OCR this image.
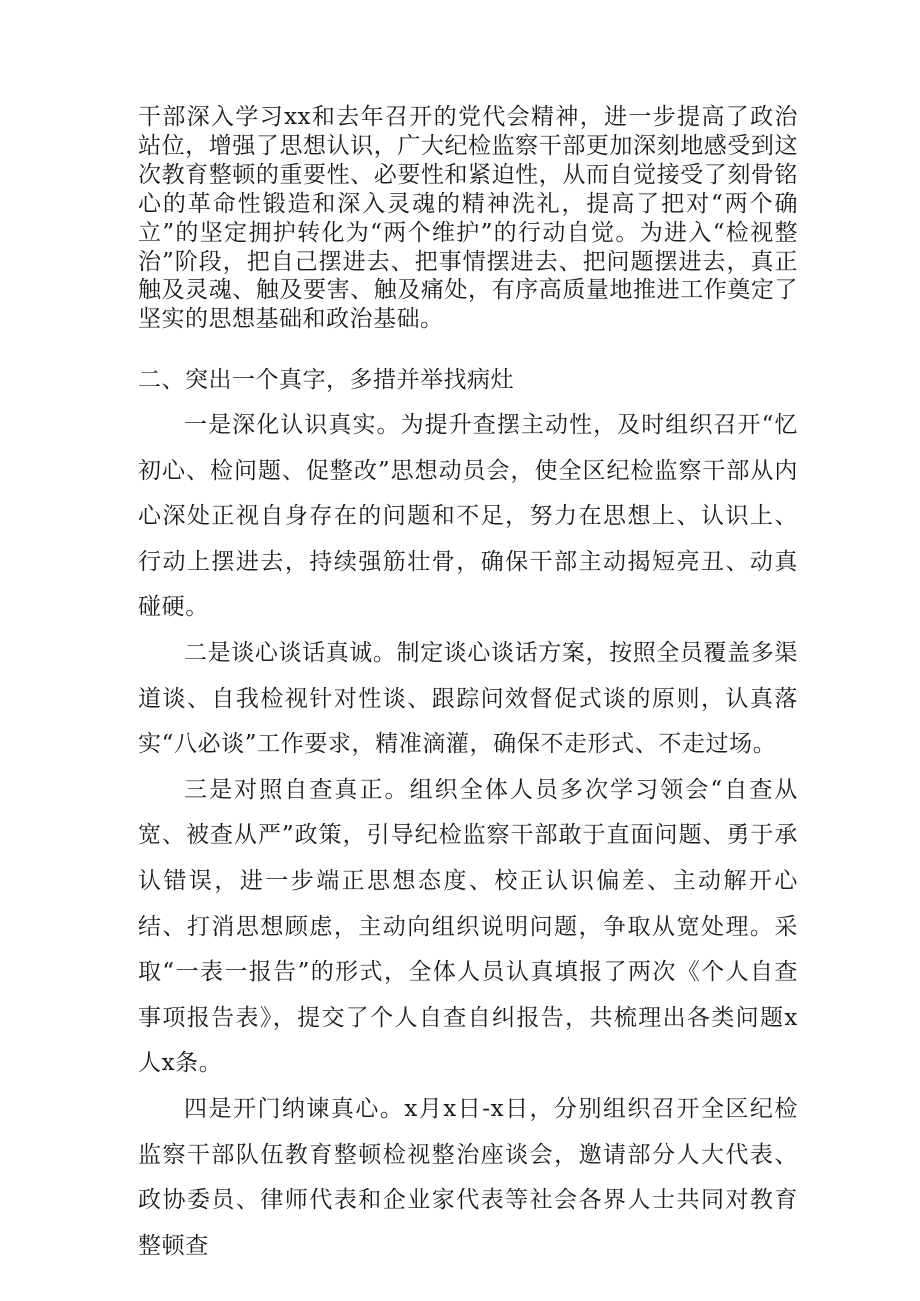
干部深入学习xx和去年召开的党代会精神，进一步提高了政治站位，增强了思想认识，广大纪检监察干部更加深刻地感受到这次教育整顿的重要性、必要性和紧迫性，从而自觉接受了刻骨铭心的革命性锻造和深入灵魂的精神洗礼，提高了把对“两个确立”的坚定拥护转化为“两个维护”的行动自觉。为进入“检视整治”阶段，把自己摆进去、把事情摆进去、把问题摆进去，真正触及灵魂、触及要害、触及痛处，有序高质量地推进工作奠定了坚实的思想基础和政治基础。
二、突出一个真字，多措并举找病灶

一是深化认识真实。为提升查摆主动性，及时组织召开“忆初心、检问题、促整改”思想动员会，使全区纪检监察干部从内心深处正视自身存在的问题和不足，努力在思想上、认识上、行动上摆进去，持续强筋壮骨，确保干部主动揭短亮丑、动真碰硬。

二是谈心谈话真诚。制定谈心谈话方案，按照全员覆盖多渠道谈、自我检视针对性谈、跟踪问效督促式谈的原则，认真落实“八必谈”工作要求，精准滴灌，确保不走形式、不走过场。

三是对照自查真正。组织全体人员多次学习领会“自查从宽、被查从严”政策，引导纪检监察干部敢于直面问题、勇于承认错误，进一步端正思想态度、校正认识偏差、主动解开心结、打消思想顾虑，主动向组织说明问题，争取从宽处理。采取“一表一报告”的形式，全体人员认真填报了两次《个人自查事项报告表》，提交了个人自查自纠报告，共梳理出各类问题x人x条。

四是开门纳谏真心。x月x日-x日，分别组织召开全区纪检监察干部队伍教育整顿检视整治座谈会，邀请部分人大代表、政协委员、律师代表和企业家代表等社会各界人士共同对教育整顿查
